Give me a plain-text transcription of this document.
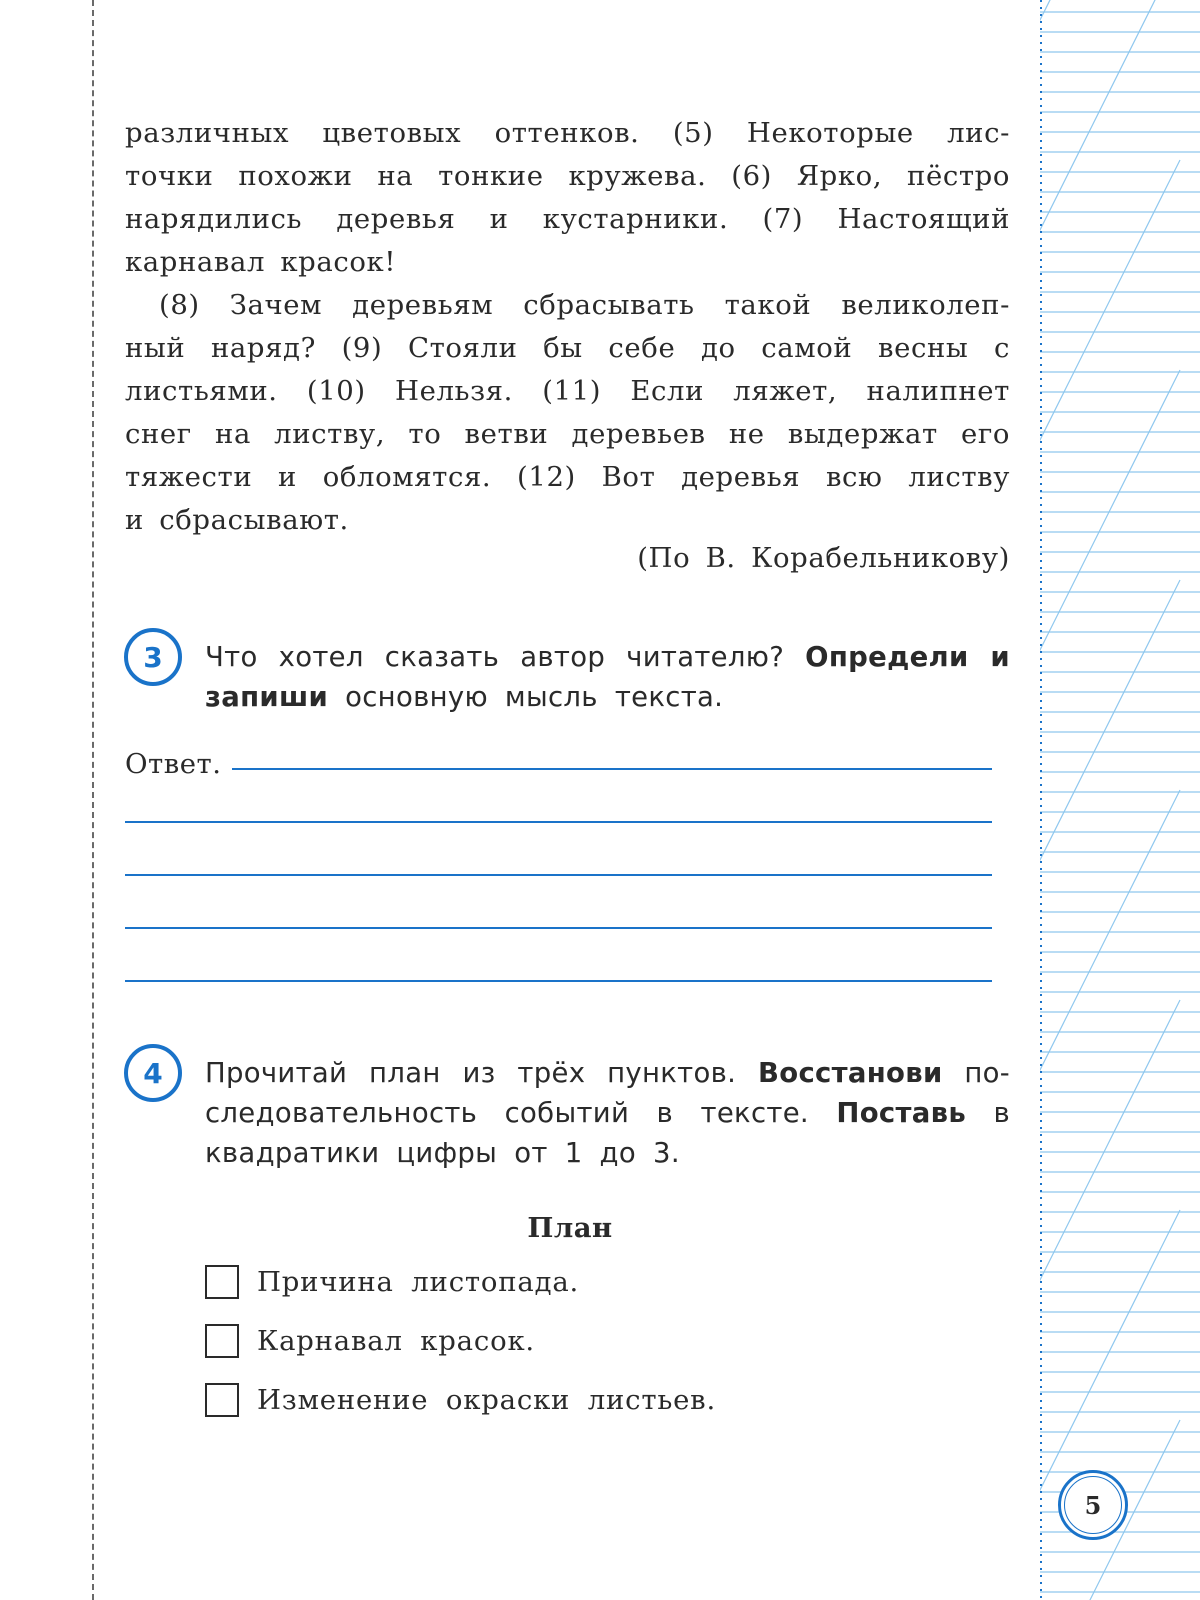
различных цветовых оттенков. (5) Некоторые лис-

точки похожи на тонкие кружева. (6) Ярко, пёстро

нарядились деревья и кустарники. (7) Настоящий

карнавал красок!

(8) Зачем деревьям сбрасывать такой великолеп-

ный наряд? (9) Стояли бы себе до самой весны с

листьями. (10) Нельзя. (11) Если ляжет, налипнет

снег на листву, то ветви деревьев не выдержат его

тяжести и обломятся. (12) Вот деревья всю листву

и сбрасывают.

(По В. Корабельникову)
3	Что хотел сказать автор читателю? Определи и

запиши основную мысль текста.

Ответ.
4	Прочитай план из трёх пунктов. Восстанови по-

следовательность событий в тексте. Поставь в

квадратики цифры от 1 до 3.

План
Причина листопада.
Карнавал красок.
Изменение окраски листьев.
5
